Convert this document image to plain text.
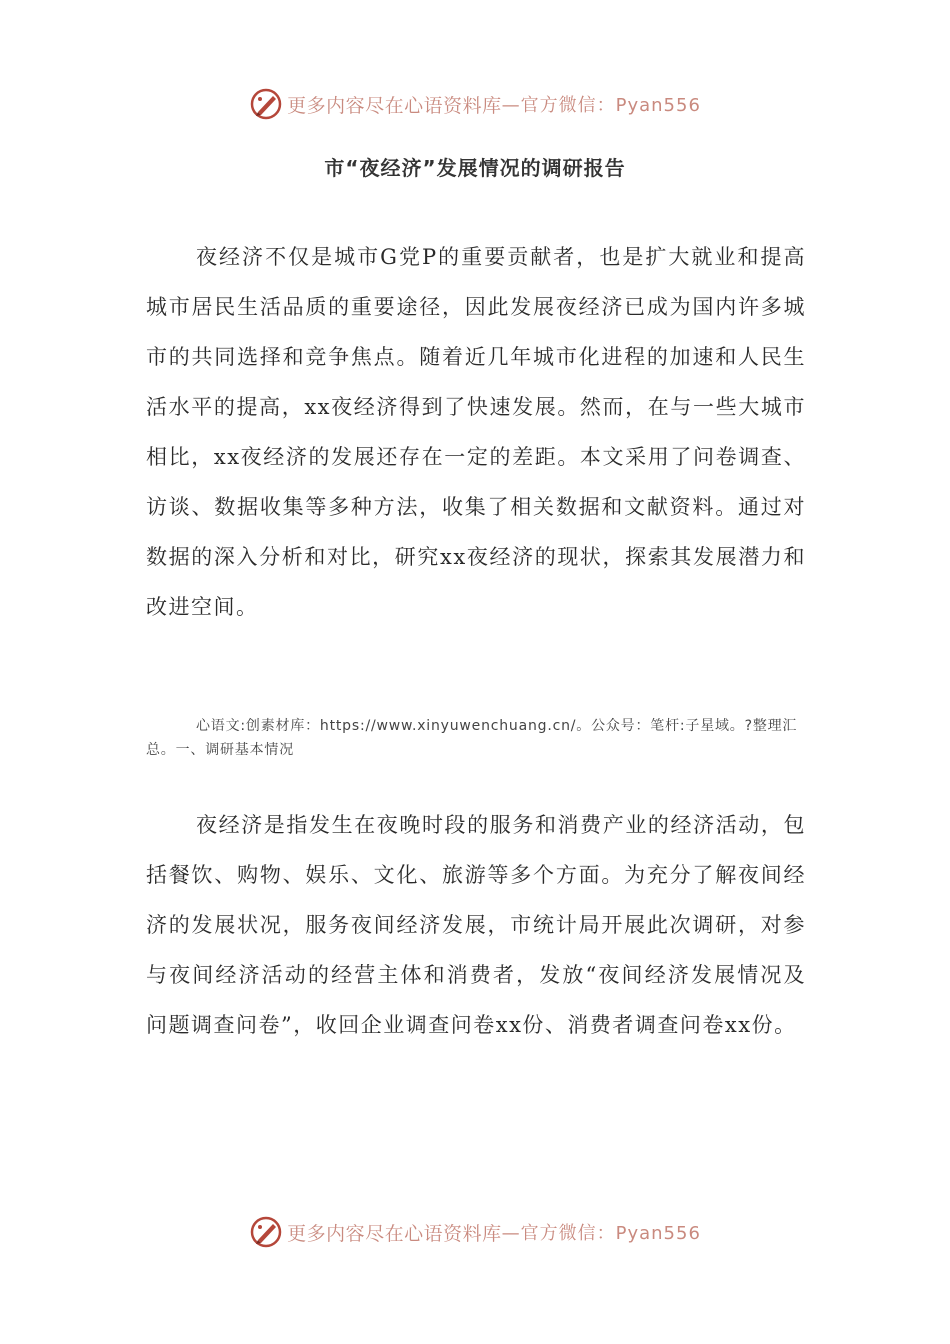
更多内容尽在心语资料库 —官方微信：Pyan556
市“夜经济”发展情况的调研报告

夜经济不仅是城市G党P的重要贡献者，也是扩大就业和提高城市居民生活品质的重要途径，因此发展夜经济已成为国内许多城市的共同选择和竞争焦点。随着近几年城市化进程的加速和人民生活水平的提高，xx夜经济得到了快速发展。然而，在与一些大城市相比，xx夜经济的发展还存在一定的差距。本文采用了问卷调查、访谈、数据收集等多种方法，收集了相关数据和文献资料。通过对数据的深入分析和对比，研究xx夜经济的现状，探索其发展潜力和改进空间。

心语文:创素材库：https://www.xinyuwenchuang.cn/。公众号：笔杆:子星域。?整理汇总。一、调研基本情况

夜经济是指发生在夜晚时段的服务和消费产业的经济活动，包括餐饮、购物、娱乐、文化、旅游等多个方面。为充分了解夜间经济的发展状况，服务夜间经济发展，市统计局开展此次调研，对参与夜间经济活动的经营主体和消费者，发放“夜间经济发展情况及问题调查问卷”，收回企业调查问卷xx份、消费者调查问卷xx份。

更多内容尽在心语资料库 —官方微信：Pyan556
